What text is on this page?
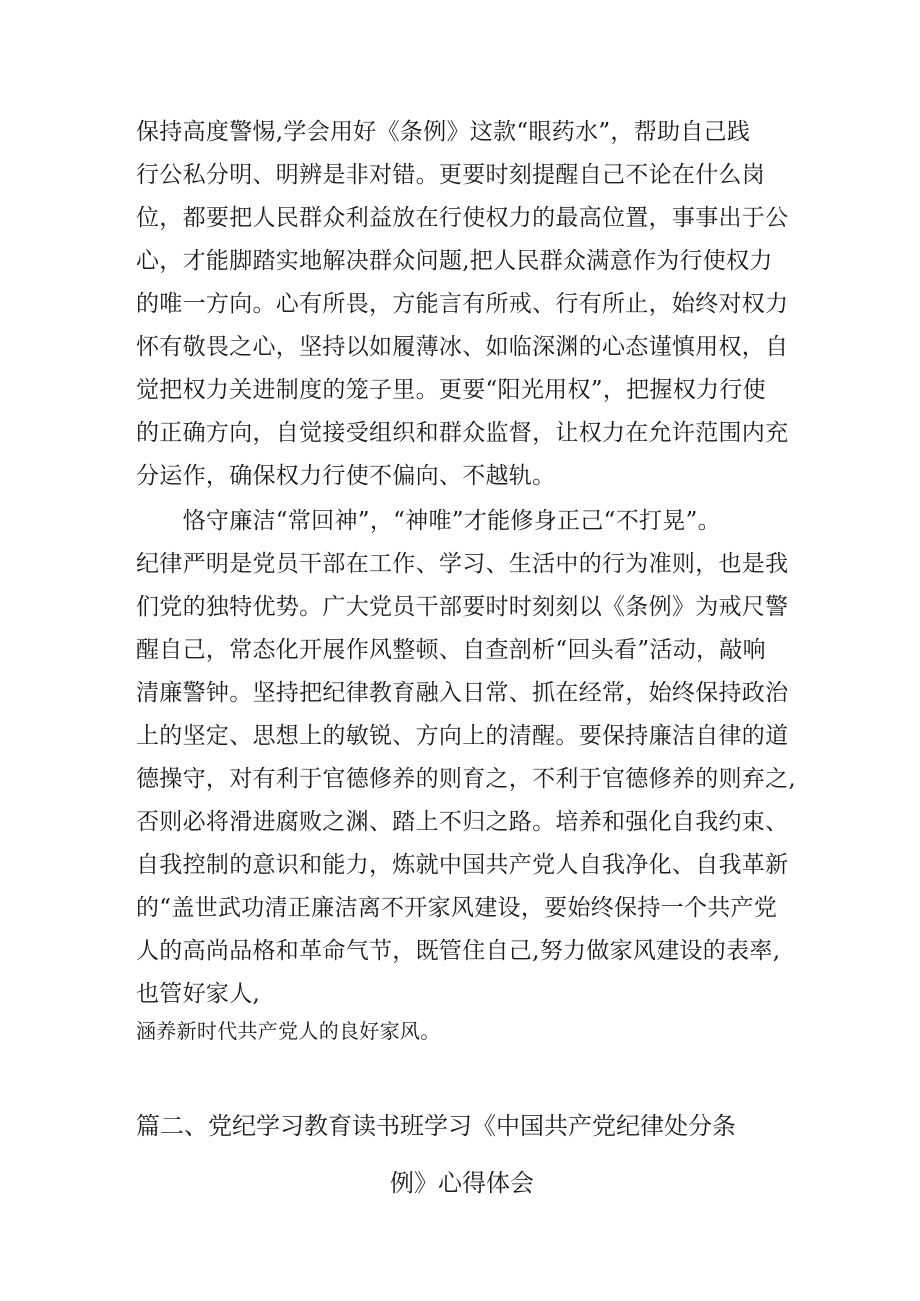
保持高度警惕,学会用好《条例》这款“眼药水”，帮助自己践
行公私分明、明辨是非对错。更要时刻提醒自己不论在什么岗
位，都要把人民群众利益放在行使权力的最高位置，事事出于公
心，才能脚踏实地解决群众问题,把人民群众满意作为行使权力
的唯一方向。心有所畏，方能言有所戒、行有所止，始终对权力
怀有敬畏之心，坚持以如履薄冰、如临深渊的心态谨慎用权，自
觉把权力关进制度的笼子里。更要“阳光用权”，把握权力行使
的正确方向，自觉接受组织和群众监督，让权力在允许范围内充
分运作，确保权力行使不偏向、不越轨。
　　恪守廉洁“常回神”，“神唯”才能修身正己“不打晃”。
纪律严明是党员干部在工作、学习、生活中的行为准则，也是我
们党的独特优势。广大党员干部要时时刻刻以《条例》为戒尺警
醒自己，常态化开展作风整顿、自查剖析“回头看”活动，敲响
清廉警钟。坚持把纪律教育融入日常、抓在经常，始终保持政治
上的坚定、思想上的敏锐、方向上的清醒。要保持廉洁自律的道
德操守，对有利于官德修养的则育之，不利于官德修养的则弃之,
否则必将滑进腐败之渊、踏上不归之路。培养和强化自我约束、
自我控制的意识和能力，炼就中国共产党人自我净化、自我革新
的“盖世武功清正廉洁离不开家风建设，要始终保持一个共产党
人的高尚品格和革命气节，既管住自己,努力做家风建设的表率,
也管好家人,
涵养新时代共产党人的良好家风。
篇二、党纪学习教育读书班学习《中国共产党纪律处分条
例》心得体会
